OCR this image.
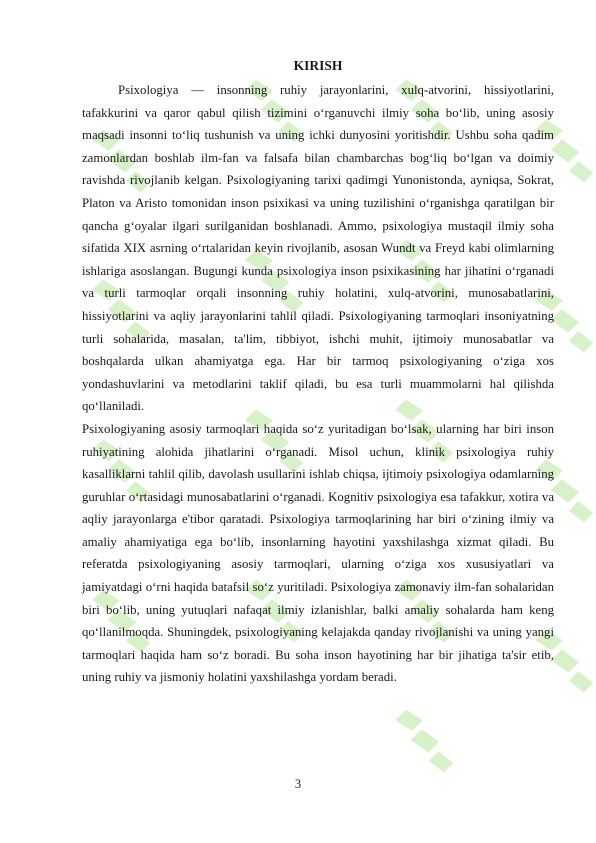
KIRISH

Psixologiya — insonning ruhiy jarayonlarini, xulq-atvorini, hissiyotlarini, tafakkurini va qaror qabul qilish tizimini o‘rganuvchi ilmiy soha bo‘lib, uning asosiy maqsadi insonni to‘liq tushunish va uning ichki dunyosini yoritishdir. Ushbu soha qadim zamonlardan boshlab ilm-fan va falsafa bilan chambarchas bog‘liq bo‘lgan va doimiy ravishda rivojlanib kelgan. Psixologiyaning tarixi qadimgi Yunonistonda, ayniqsa, Sokrat, Platon va Aristo tomonidan inson psixikasi va uning tuzilishini o‘rganishga qaratilgan bir qancha g‘oyalar ilgari surilganidan boshlanadi. Ammo, psixologiya mustaqil ilmiy soha sifatida XIX asrning o‘rtalaridan keyin rivojlanib, asosan Wundt va Freyd kabi olimlarning ishlariga asoslangan. Bugungi kunda psixologiya inson psixikasining har jihatini o‘rganadi va turli tarmoqlar orqali insonning ruhiy holatini, xulq-atvorini, munosabatlarini, hissiyotlarini va aqliy jarayonlarini tahlil qiladi. Psixologiyaning tarmoqlari insoniyatning turli sohalarida, masalan, ta'lim, tibbiyot, ishchi muhit, ijtimoiy munosabatlar va boshqalarda ulkan ahamiyatga ega. Har bir tarmoq psixologiyaning o‘ziga xos yondashuvlarini va metodlarini taklif qiladi, bu esa turli muammolarni hal qilishda qo‘llaniladi.

Psixologiyaning asosiy tarmoqlari haqida so‘z yuritadigan bo‘lsak, ularning har biri inson ruhiyatining alohida jihatlarini o‘rganadi. Misol uchun, klinik psixologiya ruhiy kasalliklarni tahlil qilib, davolash usullarini ishlab chiqsa, ijtimoiy psixologiya odamlarning guruhlar o‘rtasidagi munosabatlarini o‘rganadi. Kognitiv psixologiya esa tafakkur, xotira va aqliy jarayonlarga e'tibor qaratadi. Psixologiya tarmoqlarining har biri o‘zining ilmiy va amaliy ahamiyatiga ega bo‘lib, insonlarning hayotini yaxshilashga xizmat qiladi. Bu referatda psixologiyaning asosiy tarmoqlari, ularning o‘ziga xos xususiyatlari va jamiyatdagi o‘rni haqida batafsil so‘z yuritiladi. Psixologiya zamonaviy ilm-fan sohalaridan biri bo‘lib, uning yutuqlari nafaqat ilmiy izlanishlar, balki amaliy sohalarda ham keng qo‘llanilmoqda. Shuningdek, psixologiyaning kelajakda qanday rivojlanishi va uning yangi tarmoqlari haqida ham so‘z boradi. Bu soha inson hayotining har bir jihatiga ta'sir etib, uning ruhiy va jismoniy holatini yaxshilashga yordam beradi.

3
